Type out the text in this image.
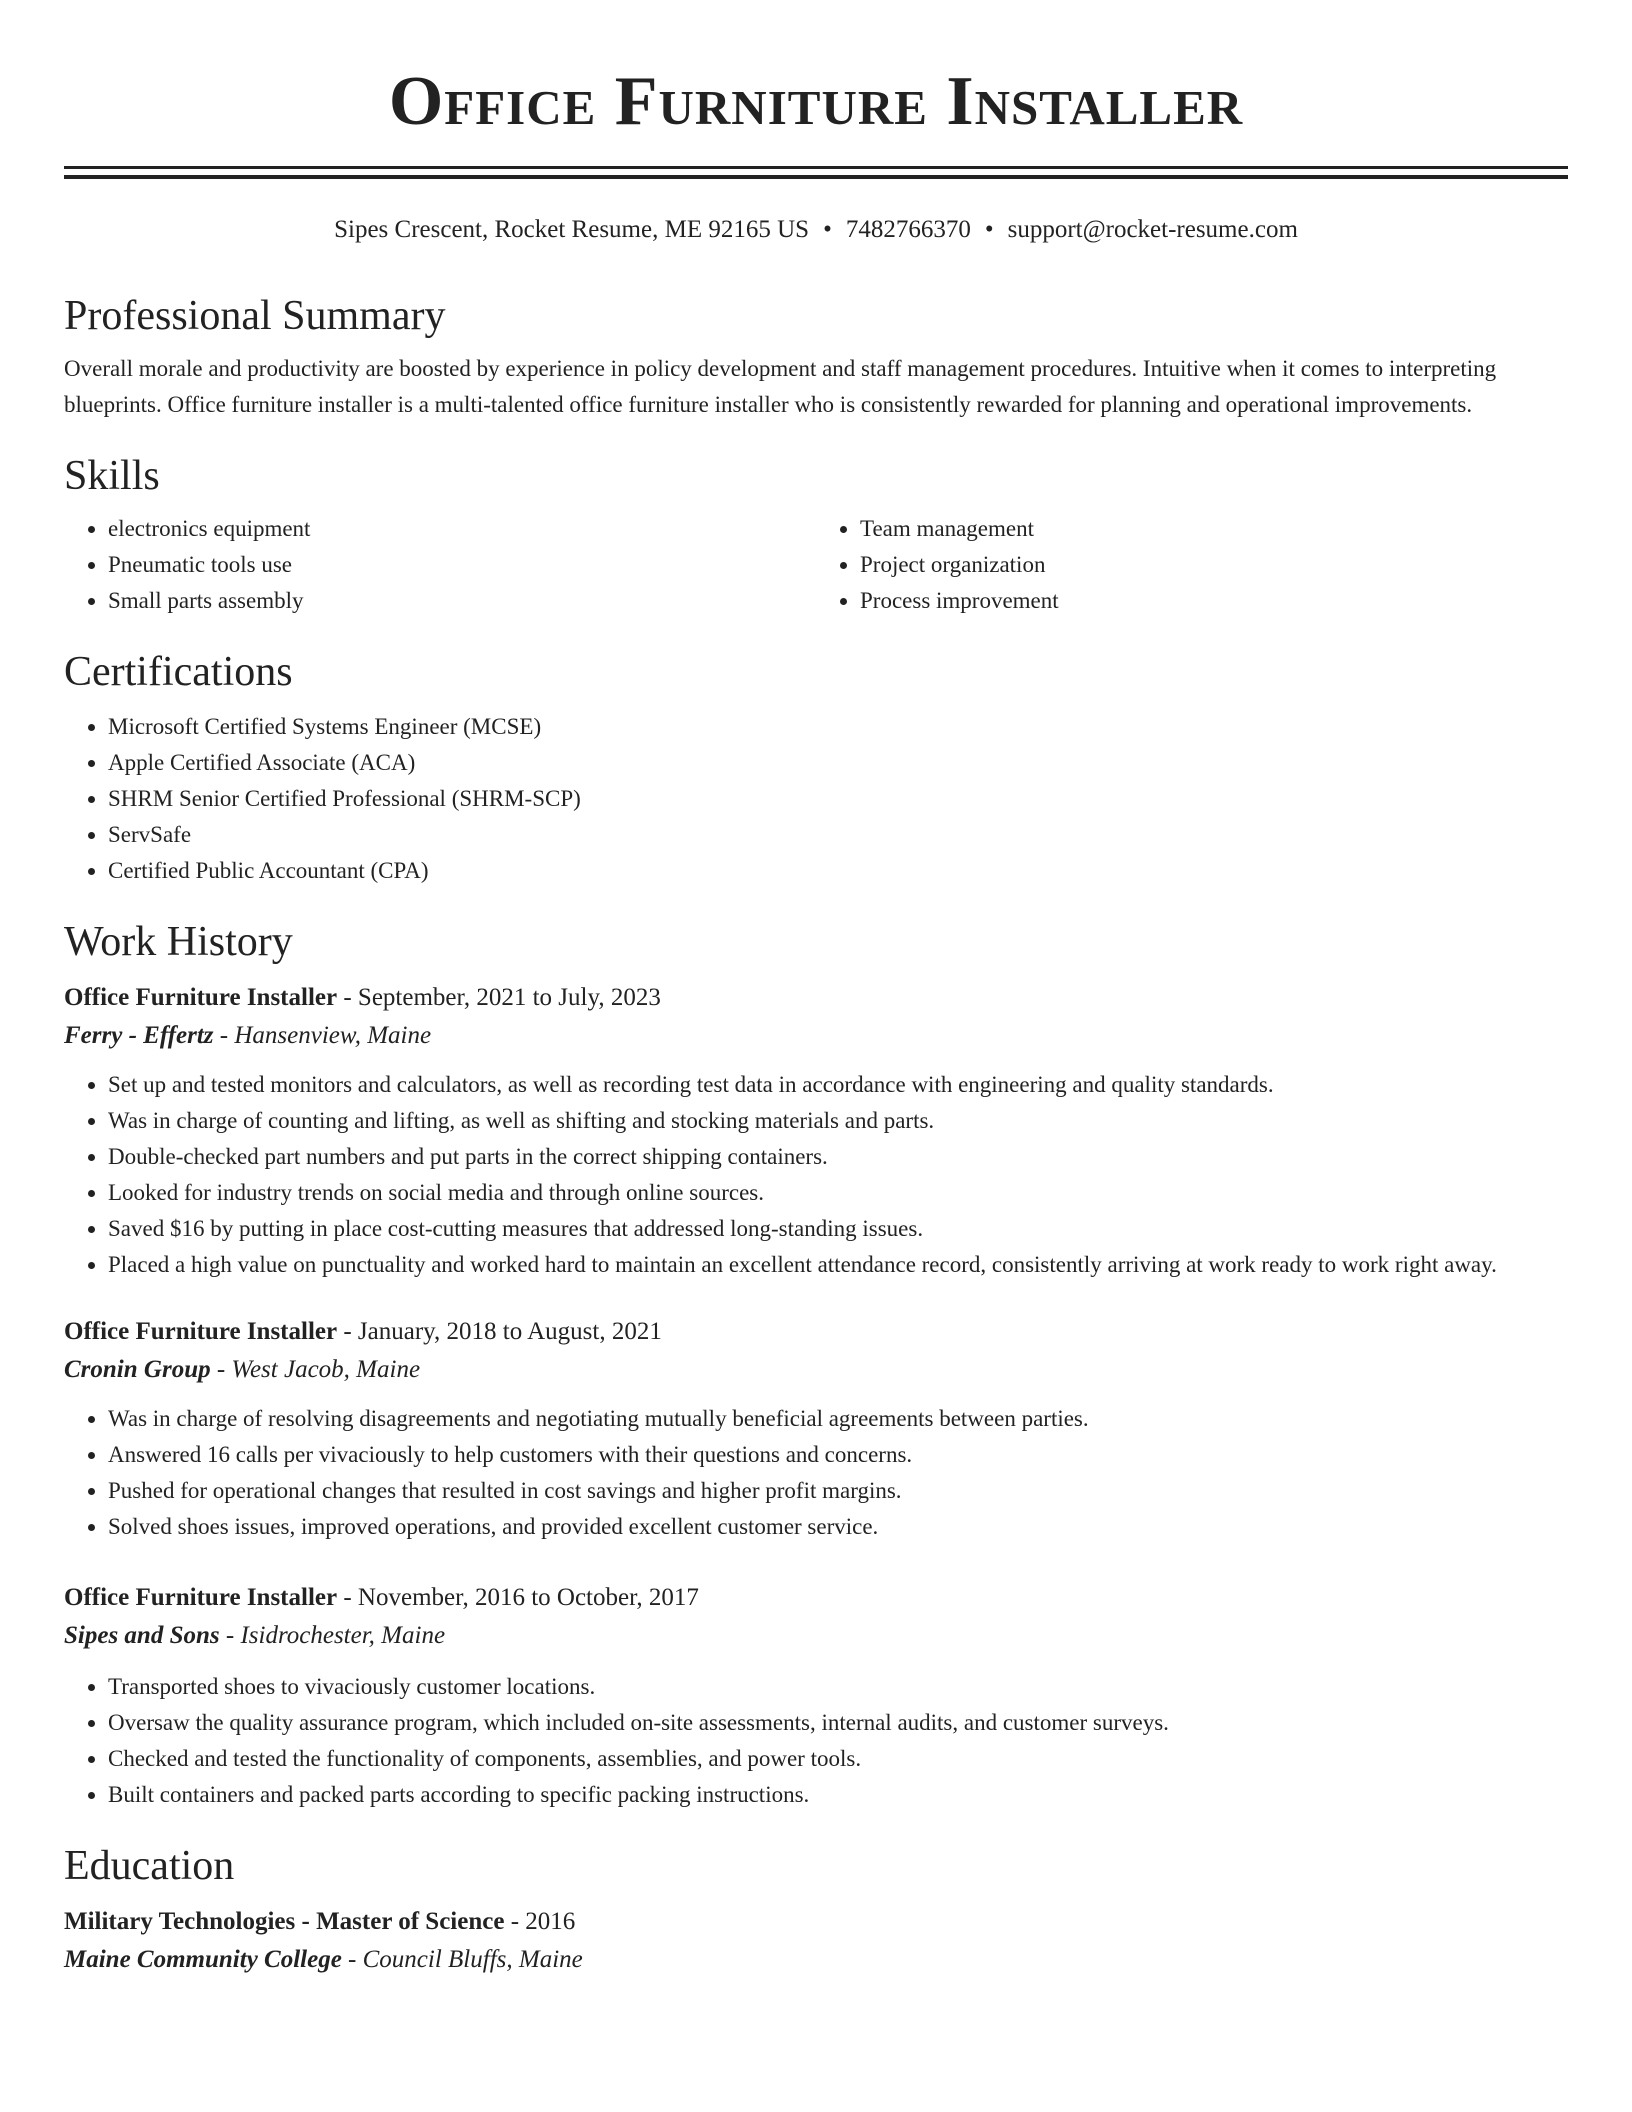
Office Furniture Installer
Sipes Crescent, Rocket Resume, ME 92165 US • 7482766370 • support@rocket-resume.com
Professional Summary

Overall morale and productivity are boosted by experience in policy development and staff management procedures. Intuitive when it comes to interpreting blueprints. Office furniture installer is a multi-talented office furniture installer who is consistently rewarded for planning and operational improvements.

Skills
• electronics equipment
• Pneumatic tools use
• Small parts assembly
• Team management
• Project organization
• Process improvement
Certifications
• Microsoft Certified Systems Engineer (MCSE)
• Apple Certified Associate (ACA)
• SHRM Senior Certified Professional (SHRM-SCP)
• ServSafe
• Certified Public Accountant (CPA)
Work History
Office Furniture Installer - September, 2021 to July, 2023
Ferry - Effertz - Hansenview, Maine
• Set up and tested monitors and calculators, as well as recording test data in accordance with engineering and quality standards.
• Was in charge of counting and lifting, as well as shifting and stocking materials and parts.
• Double-checked part numbers and put parts in the correct shipping containers.
• Looked for industry trends on social media and through online sources.
• Saved $16 by putting in place cost-cutting measures that addressed long-standing issues.
• Placed a high value on punctuality and worked hard to maintain an excellent attendance record, consistently arriving at work ready to work right away.
Office Furniture Installer - January, 2018 to August, 2021
Cronin Group - West Jacob, Maine
• Was in charge of resolving disagreements and negotiating mutually beneficial agreements between parties.
• Answered 16 calls per vivaciously to help customers with their questions and concerns.
• Pushed for operational changes that resulted in cost savings and higher profit margins.
• Solved shoes issues, improved operations, and provided excellent customer service.
Office Furniture Installer - November, 2016 to October, 2017
Sipes and Sons - Isidrochester, Maine
• Transported shoes to vivaciously customer locations.
• Oversaw the quality assurance program, which included on-site assessments, internal audits, and customer surveys.
• Checked and tested the functionality of components, assemblies, and power tools.
• Built containers and packed parts according to specific packing instructions.
Education
Military Technologies - Master of Science - 2016
Maine Community College - Council Bluffs, Maine
